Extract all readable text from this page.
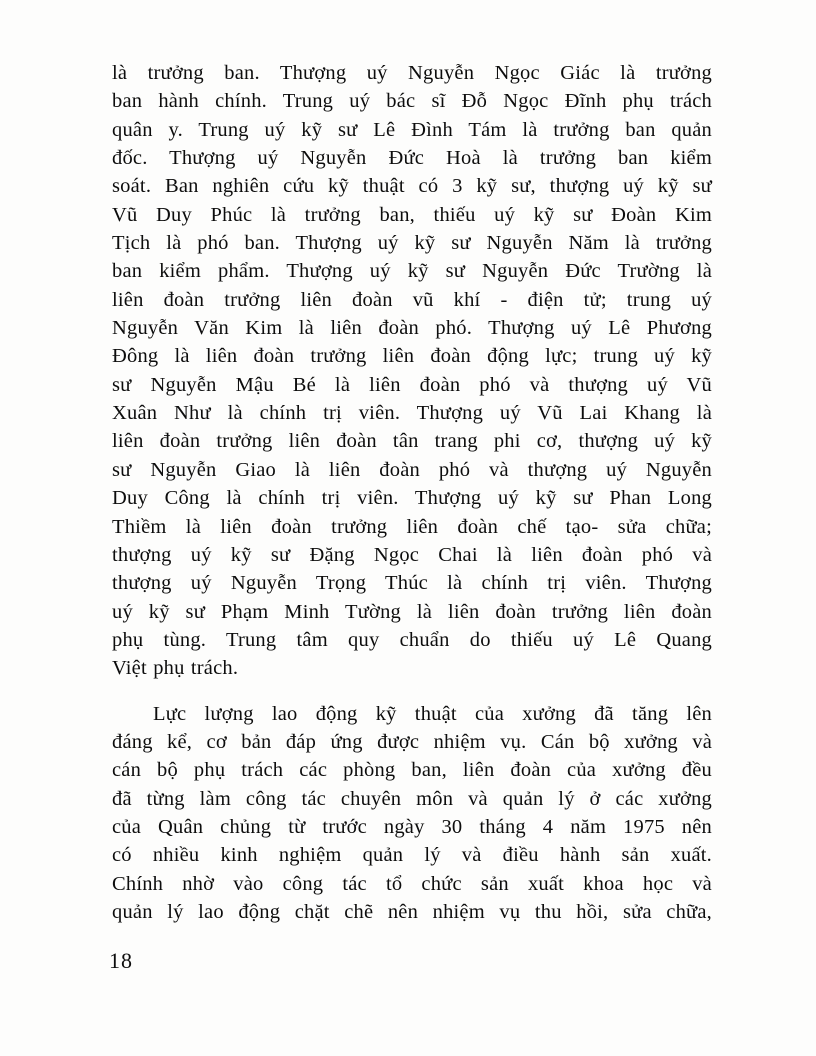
là trưởng ban. Thượng uý Nguyễn Ngọc Giác là trưởng
ban hành chính. Trung uý bác sĩ Đỗ Ngọc Đĩnh phụ trách
quân y. Trung uý kỹ sư Lê Đình Tám là trưởng ban quản
đốc. Thượng uý Nguyễn Đức Hoà là trưởng ban kiểm
soát. Ban nghiên cứu kỹ thuật có 3 kỹ sư, thượng uý kỹ sư
Vũ Duy Phúc là trưởng ban, thiếu uý kỹ sư Đoàn Kim
Tịch là phó ban. Thượng uý kỹ sư Nguyễn Năm là trưởng
ban kiểm phẩm. Thượng uý kỹ sư Nguyễn Đức Trường là
liên đoàn trưởng liên đoàn vũ khí - điện tử; trung uý
Nguyễn Văn Kim là liên đoàn phó. Thượng uý Lê Phương
Đông là liên đoàn trưởng liên đoàn động lực; trung uý kỹ
sư Nguyễn Mậu Bé là liên đoàn phó và thượng uý Vũ
Xuân Như là chính trị viên. Thượng uý Vũ Lai Khang là
liên đoàn trưởng liên đoàn tân trang phi cơ, thượng uý kỹ
sư Nguyễn Giao là liên đoàn phó và thượng uý Nguyễn
Duy Công là chính trị viên. Thượng uý kỹ sư Phan Long
Thiềm là liên đoàn trưởng liên đoàn chế tạo- sửa chữa;
thượng uý kỹ sư Đặng Ngọc Chai là liên đoàn phó và
thượng uý Nguyễn Trọng Thúc là chính trị viên. Thượng
uý kỹ sư Phạm Minh Tường là liên đoàn trưởng liên đoàn
phụ tùng. Trung tâm quy chuẩn do thiếu uý Lê Quang
Việt phụ trách.
Lực lượng lao động kỹ thuật của xưởng đã tăng lên
đáng kể, cơ bản đáp ứng được nhiệm vụ. Cán bộ xưởng và
cán bộ phụ trách các phòng ban, liên đoàn của xưởng đều
đã từng làm công tác chuyên môn và quản lý ở các xưởng
của Quân chủng từ trước ngày 30 tháng 4 năm 1975 nên
có nhiều kinh nghiệm quản lý và điều hành sản xuất.
Chính nhờ vào công tác tổ chức sản xuất khoa học và
quản lý lao động chặt chẽ nên nhiệm vụ thu hồi, sửa chữa,
18
